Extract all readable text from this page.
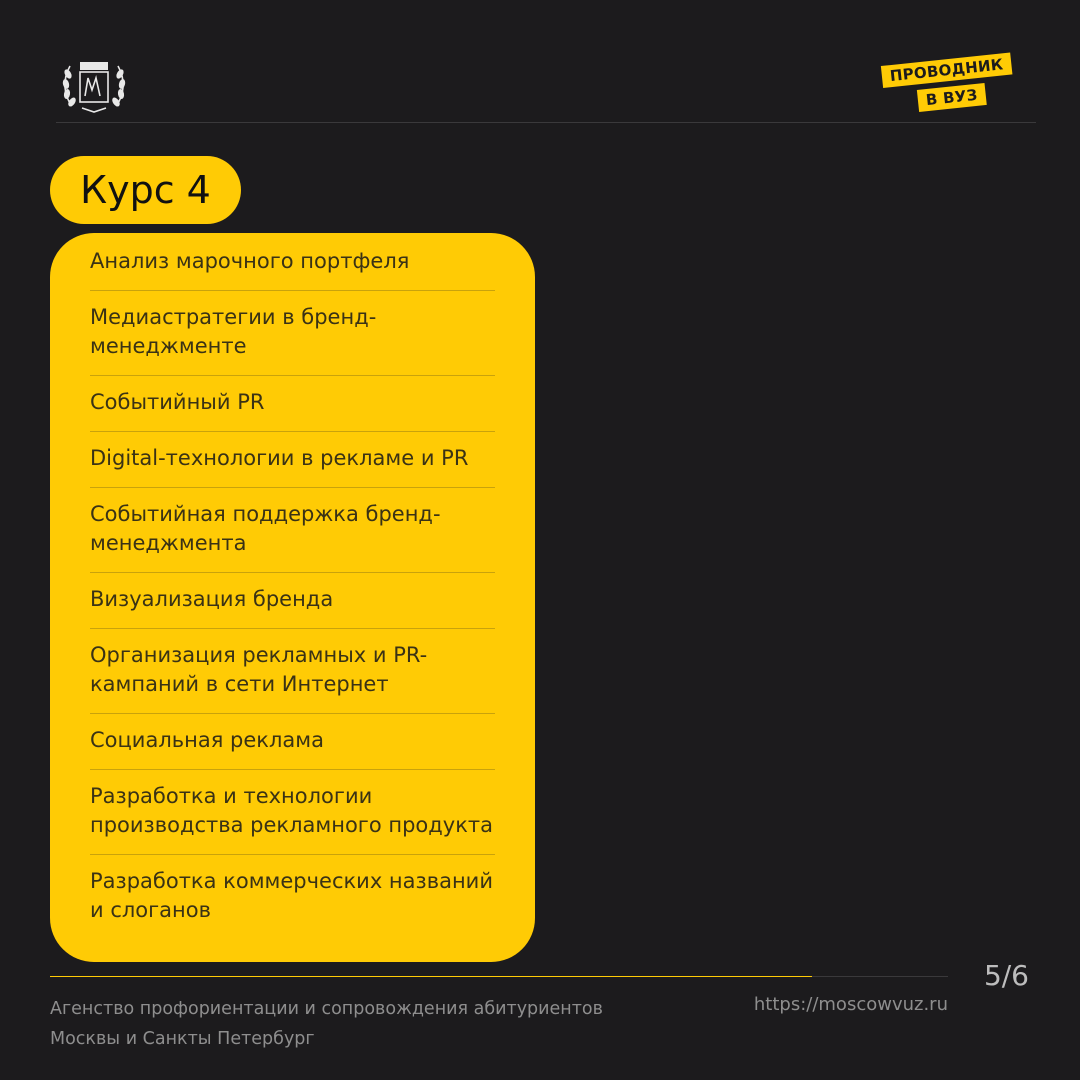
ПРОВОДНИК
В ВУЗ
Курс 4
Анализ марочного портфеля
Медиастратегии в бренд-менеджменте
Событийный PR
Digital-технологии в рекламе и PR
Событийная поддержка бренд-менеджмента
Визуализация бренда
Организация рекламных и PR-кампаний в сети Интернет
Социальная реклама
Разработка и технологии производства рекламного продукта
Разработка коммерческих названий и слоганов
5/6
Агенство профориентации и сопровождения абитуриентов Москвы и Санкты Петербург
https://moscowvuz.ru
